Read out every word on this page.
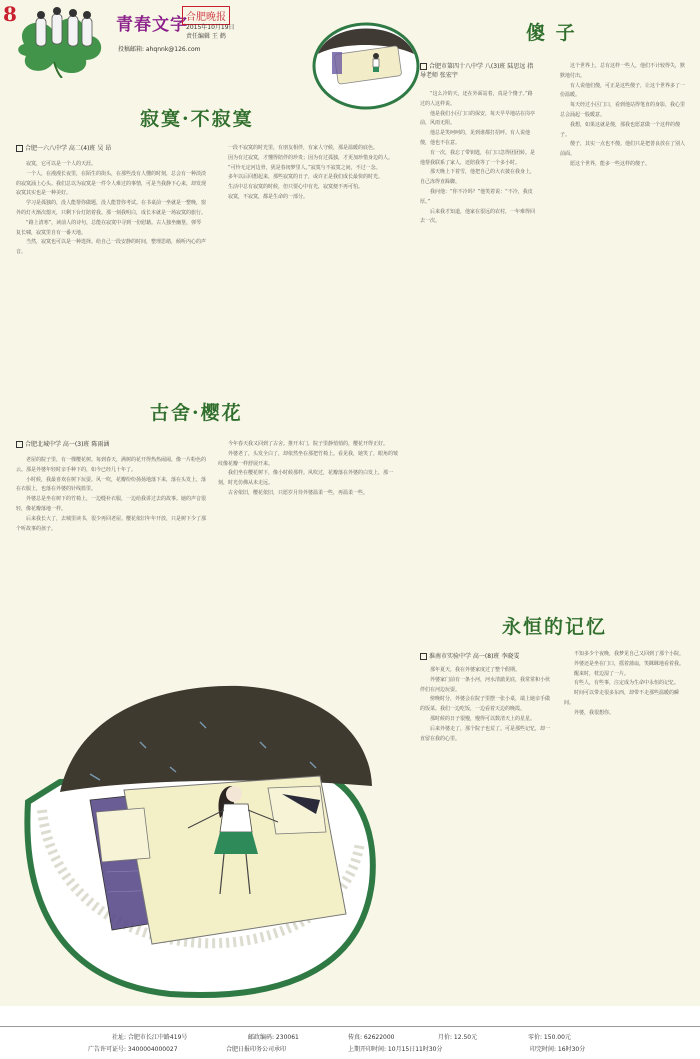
8	青春文字
合肥晚报
2015年10月19日
责任编辑 王 鹤
投稿邮箱: ahqnnk@126.com
寂寞·不寂寞
合肥一六八中学 高二(4)班 吴 昂

寂寞，它可以是一个人的天涯。

一个人，在漫漫长夜里，在陌生的街头，在那些没有人懂的时刻，总会有一种淡淡的寂寞涌上心头。我们总以为寂寞是一件令人难过的事情，可是当我静下心来，却发现寂寞其实也是一种美好。

学习是孤独的，没人能帮你做题，没人能替你考试。在书桌前一坐就是一整晚，窗外的灯火渐次熄灭，只剩下台灯陪着我。那一刻我明白，成长本就是一场寂寞的旅行。

“路上清寒”，读前人的诗句，总能在寂寞中寻到一份慰藉。古人独坐幽篁，弹琴复长啸，寂寞里自有一番天地。

当然，寂寞也可以是一种选择。给自己一段安静的时间，整理思绪，倾听内心的声音。

一段不寂寞的时光里，有朋友相伴，有家人守候，那是温暖的底色。

因为有过寂寞，才懂得陪伴的珍贵；因为有过孤独，才更加珍惜身边的人。

“可怜无定河边骨，犹是春闺梦里人。”寂寞与不寂寞之间，不过一念。

多年以后回想起来，那些寂寞的日子，或许正是我们成长最快的时光。

生活中总有寂寞的时候，但只要心中有光，寂寞便不再可怕。

寂寞，不寂寞，都是生命的一部分。

古舍·樱花
合肥北城中学 高一(3)班 陈雨涵

老屋的院子里，有一棵樱花树。每到春天，满树的花开得热热闹闹，像一片粉色的云。那是外婆年轻时亲手种下的，如今已经几十年了。

小时候，我最喜欢在树下玩耍。风一吹，花瓣纷纷扬扬地落下来，落在头发上，落在衣服上，也落在外婆的针线篮里。

外婆总是坐在树下的竹椅上，一边缝补衣服，一边给我讲过去的故事。她的声音很轻，像花瓣落地一样。

后来我长大了，去城里读书，很少再回老屋。樱花依旧年年开放，只是树下少了那个听故事的孩子。

今年春天我又回到了古舍。推开木门，院子里静悄悄的，樱花开得正好。

外婆老了，头发全白了，却依然坐在那把竹椅上。看见我，她笑了，眼角的皱纹像花瓣一样舒展开来。

我们坐在樱花树下，像小时候那样。风吹过，花瓣落在外婆的白发上，那一刻，时光仿佛从未走远。

古舍依旧，樱花依旧，只愿岁月待外婆温柔一些，再温柔一些。

傻 子
合肥市第四十八中学 八(3)班 陆思远 指导老师 张宏宇

“这么冷的天，还在外面站着，真是个傻子。”路过的人这样说。

他是我们小区门口的保安，每天早早地站在岗亭前，风雨无阻。

他总是笑呵呵的，见到谁都打招呼。有人说他傻，他也不在意。

有一次，我忘了带钥匙，在门口急得团团转。是他帮我联系了家人，还陪我等了一个多小时。

那天晚上下着雪，他把自己的大衣披在我身上，自己冻得直跺脚。

我问他：“你不冷吗？”他笑着说：“不冷，我皮厚。”

后来我才知道，他家在很远的农村，一年难得回去一次。

这个世界上，总有这样一些人，他们不计较得失，默默地付出。

有人说他们傻，可正是这些傻子，让这个世界多了一份温暖。

每天经过小区门口，看到他站得笔直的身影，我心里总会涌起一股暖意。

我想，如果这就是傻，那我也愿意做一个这样的傻子。

傻子，其实一点也不傻。他们只是把善良放在了别人前面。

愿这个世界，能多一些这样的傻子。

永恒的记忆
淮南市实验中学 高一(8)班 李晓雯

那年夏天，我在外婆家度过了整个假期。

外婆家门前有一条小河，河水清澈见底，我常常和小伙伴们在河边玩耍。

傍晚时分，外婆会在院子里摆一张小桌，端上她亲手做的饭菜。我们一边吃饭，一边看着天边的晚霞。

那时候的日子很慢，慢得可以数清天上的星星。

后来外婆走了，那个院子也荒了。可是那些记忆，却一直留在我的心里。

不知多少个夜晚，我梦见自己又回到了那个小院。

外婆还是坐在门口，摇着蒲扇，笑眯眯地看着我。

醒来时，枕边湿了一片。

有些人，有些事，注定成为生命中永恒的记忆。

时间可以带走很多东西，却带不走那些温暖的瞬间。

外婆，我很想你。

社址: 合肥市长江中路419号	邮政编码: 230061	传真: 62622000	月价: 12.50元	零价: 150.00元
广告许可证号: 3400004000027	合肥日报印务公司承印	上期开印时间: 10月15日11时30分	印完时间: 16时30分
